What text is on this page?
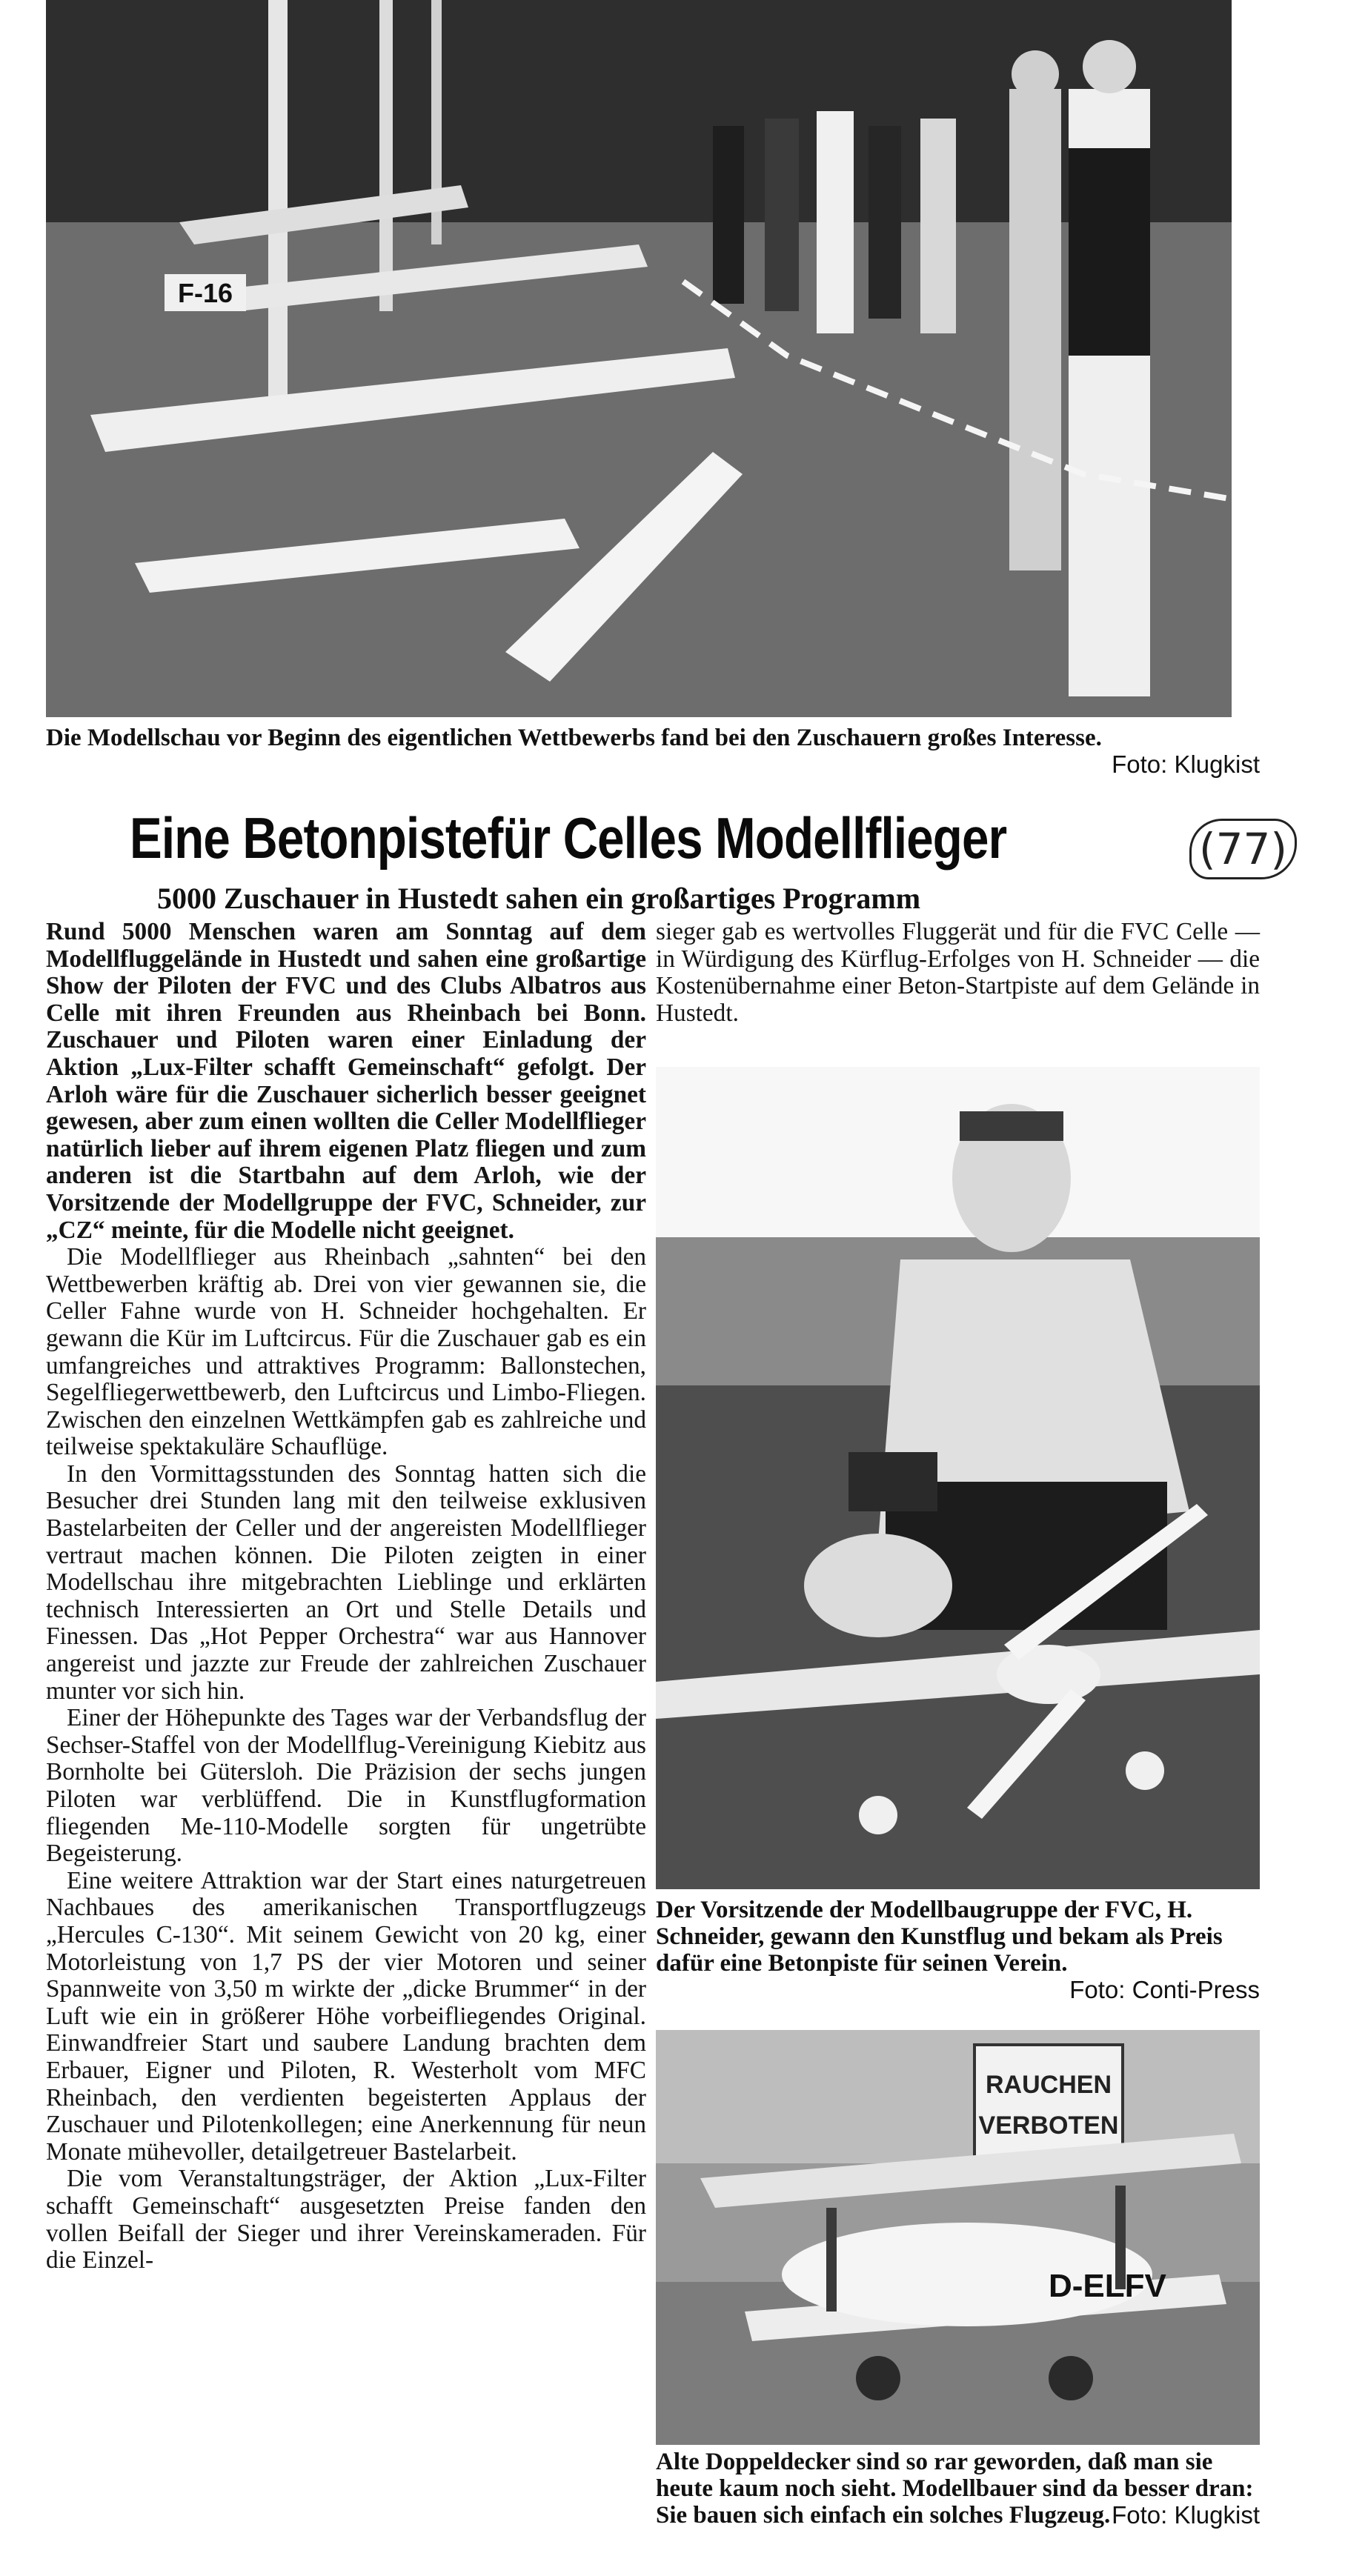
F-16
Die Modellschau vor Beginn des eigentlichen Wettbewerbs fand bei den Zuschauern großes Interesse.
Foto: Klugkist
Eine Betonpistefür Celles Modellflieger	(77)
5000 Zuschauer in Hustedt sahen ein großartiges Programm

Rund 5000 Menschen waren am Sonntag auf dem Modellfluggelände in Hustedt und sahen eine großartige Show der Piloten der FVC und des Clubs Albatros aus Celle mit ihren Freunden aus Rheinbach bei Bonn. Zuschauer und Piloten waren einer Einladung der Aktion „Lux-Filter schafft Gemeinschaft“ gefolgt. Der Arloh wäre für die Zuschauer sicherlich besser geeignet gewesen, aber zum einen wollten die Celler Modellflieger natürlich lieber auf ihrem eigenen Platz fliegen und zum anderen ist die Startbahn auf dem Arloh, wie der Vorsitzende der Modellgruppe der FVC, Schneider, zur „CZ“ meinte, für die Modelle nicht geeignet.

Die Modellflieger aus Rheinbach „sahnten“ bei den Wettbewerben kräftig ab. Drei von vier gewannen sie, die Celler Fahne wurde von H. Schneider hochgehalten. Er gewann die Kür im Luftcircus. Für die Zuschauer gab es ein umfangreiches und attraktives Programm: Ballonstechen, Segelfliegerwettbewerb, den Luftcircus und Limbo-Fliegen. Zwischen den einzelnen Wettkämpfen gab es zahlreiche und teilweise spektakuläre Schauflüge.

In den Vormittagsstunden des Sonntag hatten sich die Besucher drei Stunden lang mit den teilweise exklusiven Bastelarbeiten der Celler und der angereisten Modellflieger vertraut machen können. Die Piloten zeigten in einer Modellschau ihre mitgebrachten Lieblinge und erklärten technisch Interessierten an Ort und Stelle Details und Finessen. Das „Hot Pepper Orchestra“ war aus Hannover angereist und jazzte zur Freude der zahlreichen Zuschauer munter vor sich hin.

Einer der Höhepunkte des Tages war der Verbandsflug der Sechser-Staffel von der Modellflug-Vereinigung Kiebitz aus Bornholte bei Gütersloh. Die Präzision der sechs jungen Piloten war verblüffend. Die in Kunstflugformation fliegenden Me-110-Modelle sorgten für ungetrübte Begeisterung.

Eine weitere Attraktion war der Start eines naturgetreuen Nachbaues des amerikanischen Transportflugzeugs „Hercules C-130“. Mit seinem Gewicht von 20 kg, einer Motorleistung von 1,7 PS der vier Motoren und seiner Spannweite von 3,50 m wirkte der „dicke Brummer“ in der Luft wie ein in größerer Höhe vorbeifliegendes Original. Einwandfreier Start und saubere Landung brachten dem Erbauer, Eigner und Piloten, R. Westerholt vom MFC Rheinbach, den verdienten begeisterten Applaus der Zuschauer und Pilotenkollegen; eine Anerkennung für neun Monate mühevoller, detailgetreuer Bastelarbeit.

Die vom Veranstaltungsträger, der Aktion „Lux-Filter schafft Gemeinschaft“ ausgesetzten Preise fanden den vollen Beifall der Sieger und ihrer Vereinskameraden. Für die Einzel-

sieger gab es wertvolles Fluggerät und für die FVC Celle — in Würdigung des Kürflug-Erfolges von H. Schneider — die Kostenübernahme einer Beton-Startpiste auf dem Gelände in Hustedt.

Der Vorsitzende der Modellbaugruppe der FVC, H. Schneider, gewann den Kunstflug und bekam als Preis dafür eine Betonpiste für seinen Verein.
Foto: Conti-Press
RAUCHEN
VERBOTEN
D-ELFV
Alte Doppeldecker sind so rar geworden, daß man sie heute kaum noch sieht. Modellbauer sind da besser dran: Sie bauen sich einfach ein solches Flugzeug. Foto: Klugkist
